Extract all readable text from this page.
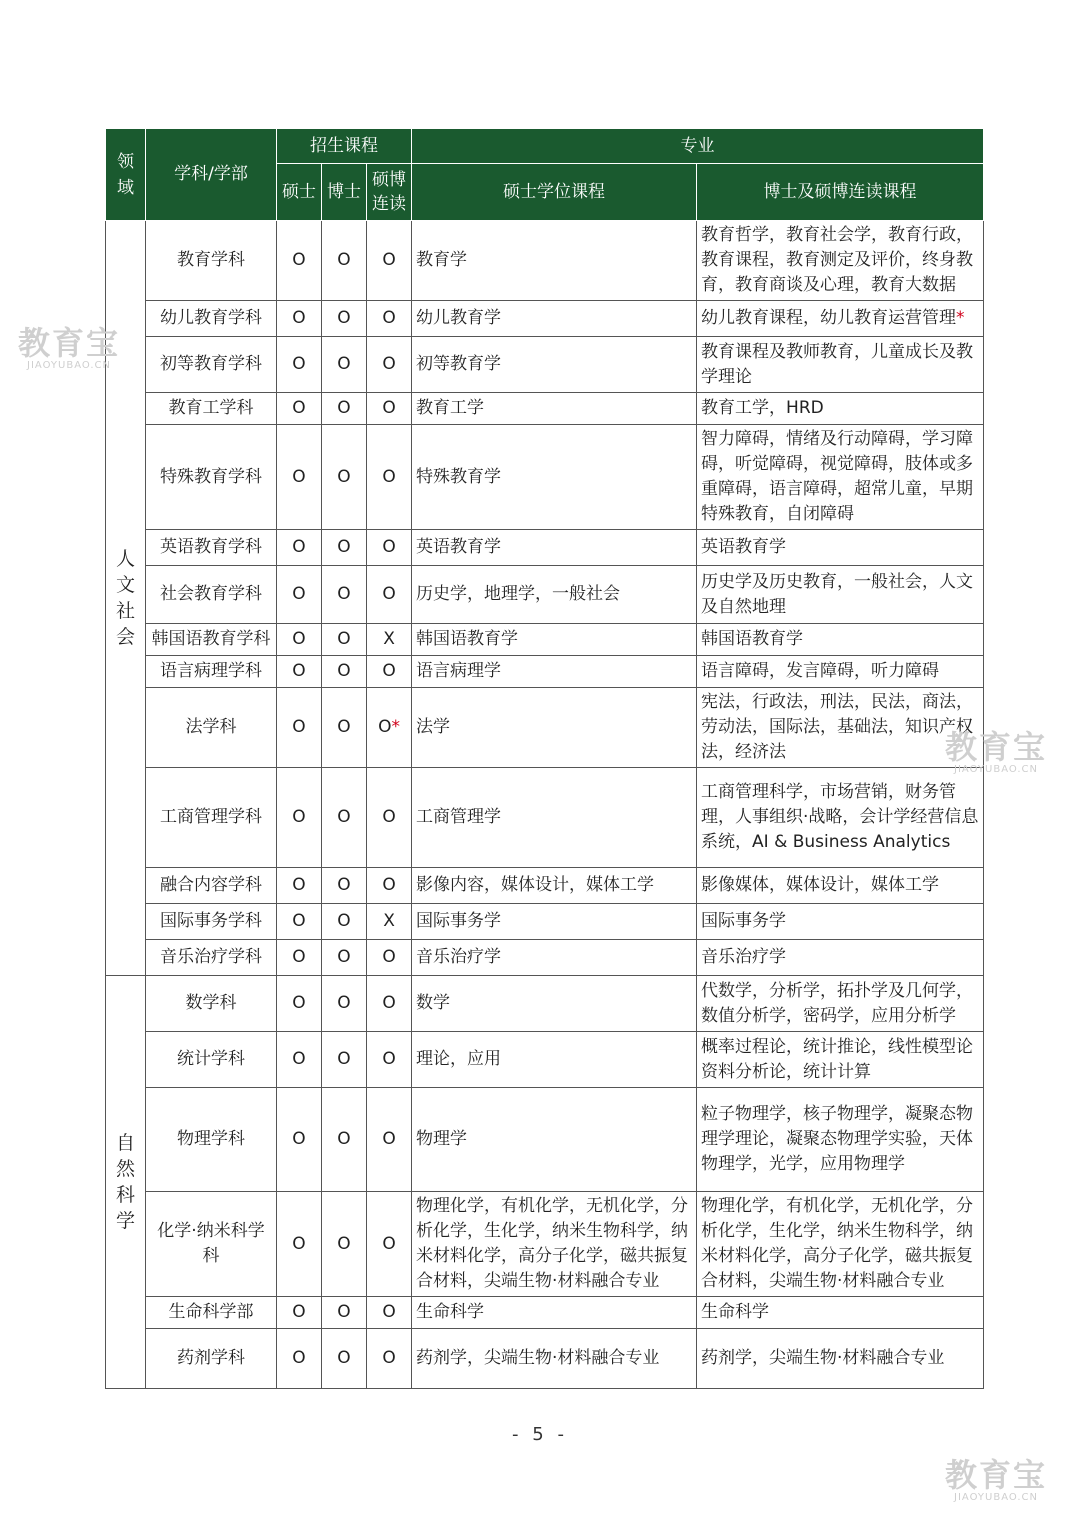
领域	学科/学部	招生课程			专业	
		硕士	博士	硕博连读	硕士学位课程	博士及硕博连读课程
人文社会	教育学科	O	O	O	教育学	教育哲学，教育社会学，教育行政，教育课程，教育测定及评价，终身教育，教育商谈及心理，教育大数据
	幼儿教育学科	O	O	O	幼儿教育学	幼儿教育课程，幼儿教育运营管理*
	初等教育学科	O	O	O	初等教育学	教育课程及教师教育，儿童成长及教学理论
	教育工学科	O	O	O	教育工学	教育工学，HRD
	特殊教育学科	O	O	O	特殊教育学	智力障碍，情绪及行动障碍，学习障碍，听觉障碍，视觉障碍，肢体或多重障碍，语言障碍，超常儿童，早期特殊教育，自闭障碍
	英语教育学科	O	O	O	英语教育学	英语教育学
	社会教育学科	O	O	O	历史学，地理学，一般社会	历史学及历史教育，一般社会，人文及自然地理
	韩国语教育学科	O	O	X	韩国语教育学	韩国语教育学
	语言病理学科	O	O	O	语言病理学	语言障碍，发言障碍，听力障碍
	法学科	O	O	O*	法学	宪法，行政法，刑法，民法，商法，劳动法，国际法，基础法，知识产权法，经济法
	工商管理学科	O	O	O	工商管理学	工商管理科学，市场营销，财务管理，人事组织·战略，会计学经营信息系统，AI & Business Analytics
	融合内容学科	O	O	O	影像内容，媒体设计，媒体工学	影像媒体，媒体设计，媒体工学
	国际事务学科	O	O	X	国际事务学	国际事务学
	音乐治疗学科	O	O	O	音乐治疗学	音乐治疗学
自然科学	数学科	O	O	O	数学	代数学，分析学，拓扑学及几何学，数值分析学，密码学，应用分析学
	统计学科	O	O	O	理论，应用	概率过程论，统计推论，线性模型论资料分析论，统计计算
	物理学科	O	O	O	物理学	粒子物理学，核子物理学，凝聚态物理学理论，凝聚态物理学实验，天体物理学，光学，应用物理学
	化学·纳米科学科	O	O	O	物理化学，有机化学，无机化学，分析化学，生化学，纳米生物科学，纳米材料化学，高分子化学，磁共振复合材料，尖端生物·材料融合专业	物理化学，有机化学，无机化学，分析化学，生化学，纳米生物科学，纳米材料化学，高分子化学，磁共振复合材料，尖端生物·材料融合专业
	生命科学部	O	O	O	生命科学	生命科学
	药剂学科	O	O	O	药剂学，尖端生物·材料融合专业	药剂学，尖端生物·材料融合专业
- 5 -
教育宝
JIAOYUBAO.CN
教育宝
JIAOYUBAO.CN
教育宝
JIAOYUBAO.CN
